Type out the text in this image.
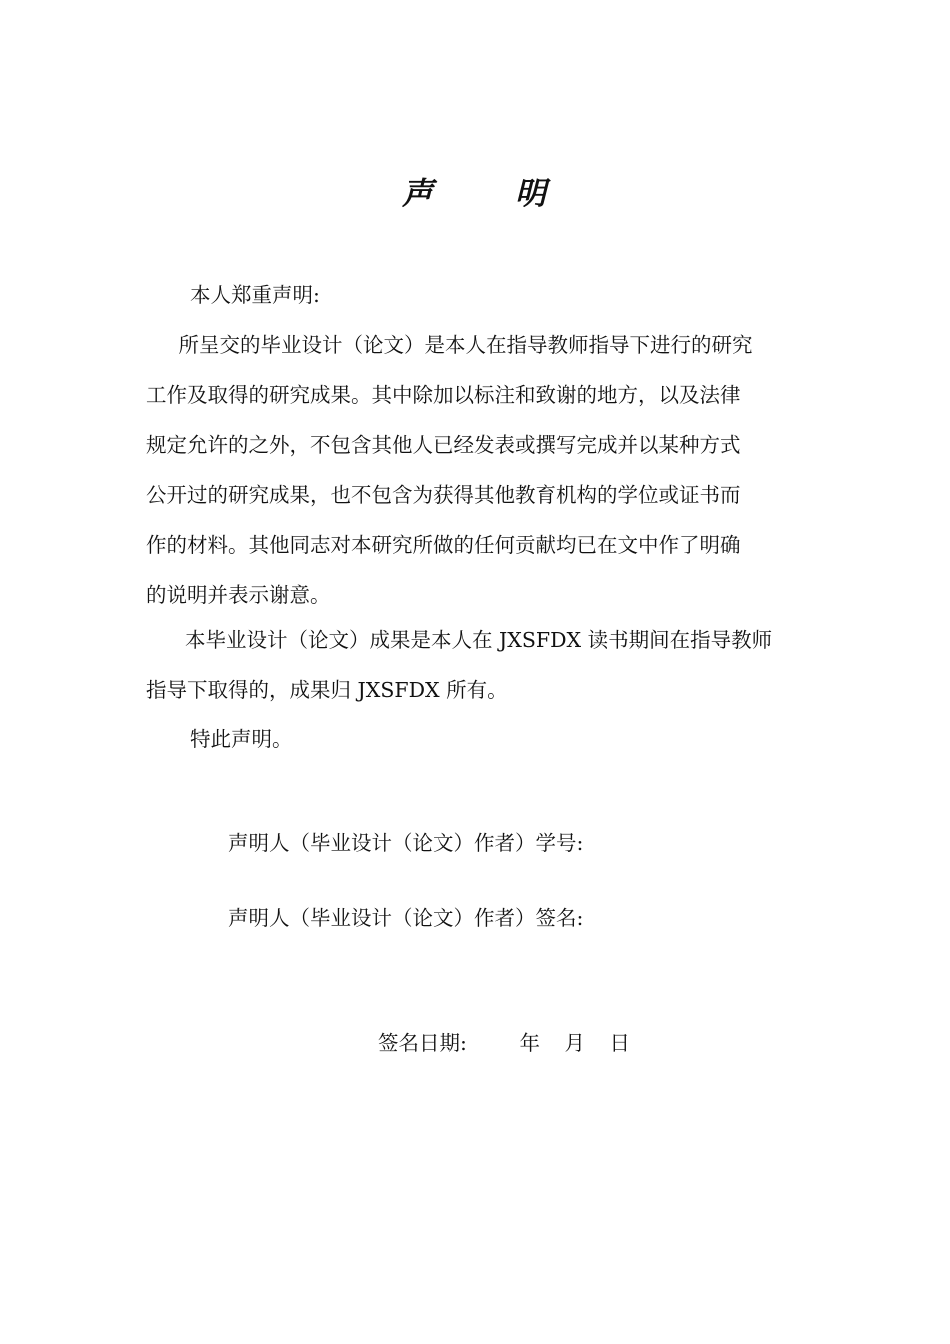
声	明
本人郑重声明:
　所呈交的毕业设计（论文）是本人在指导教师指导下进行的研究
工作及取得的研究成果。其中除加以标注和致谢的地方，以及法律
规定允许的之外，不包含其他人已经发表或撰写完成并以某种方式
公开过的研究成果，也不包含为获得其他教育机构的学位或证书而
作的材料。其他同志对本研究所做的任何贡献均已在文中作了明确
的说明并表示谢意。
　　本毕业设计（论文）成果是本人在 JXSFDX 读书期间在指导教师
指导下取得的，成果归 JXSFDX 所有。
特此声明。
声明人（毕业设计（论文）作者）学号:
声明人（毕业设计（论文）作者）签名:
签名日期:	年 月 日
